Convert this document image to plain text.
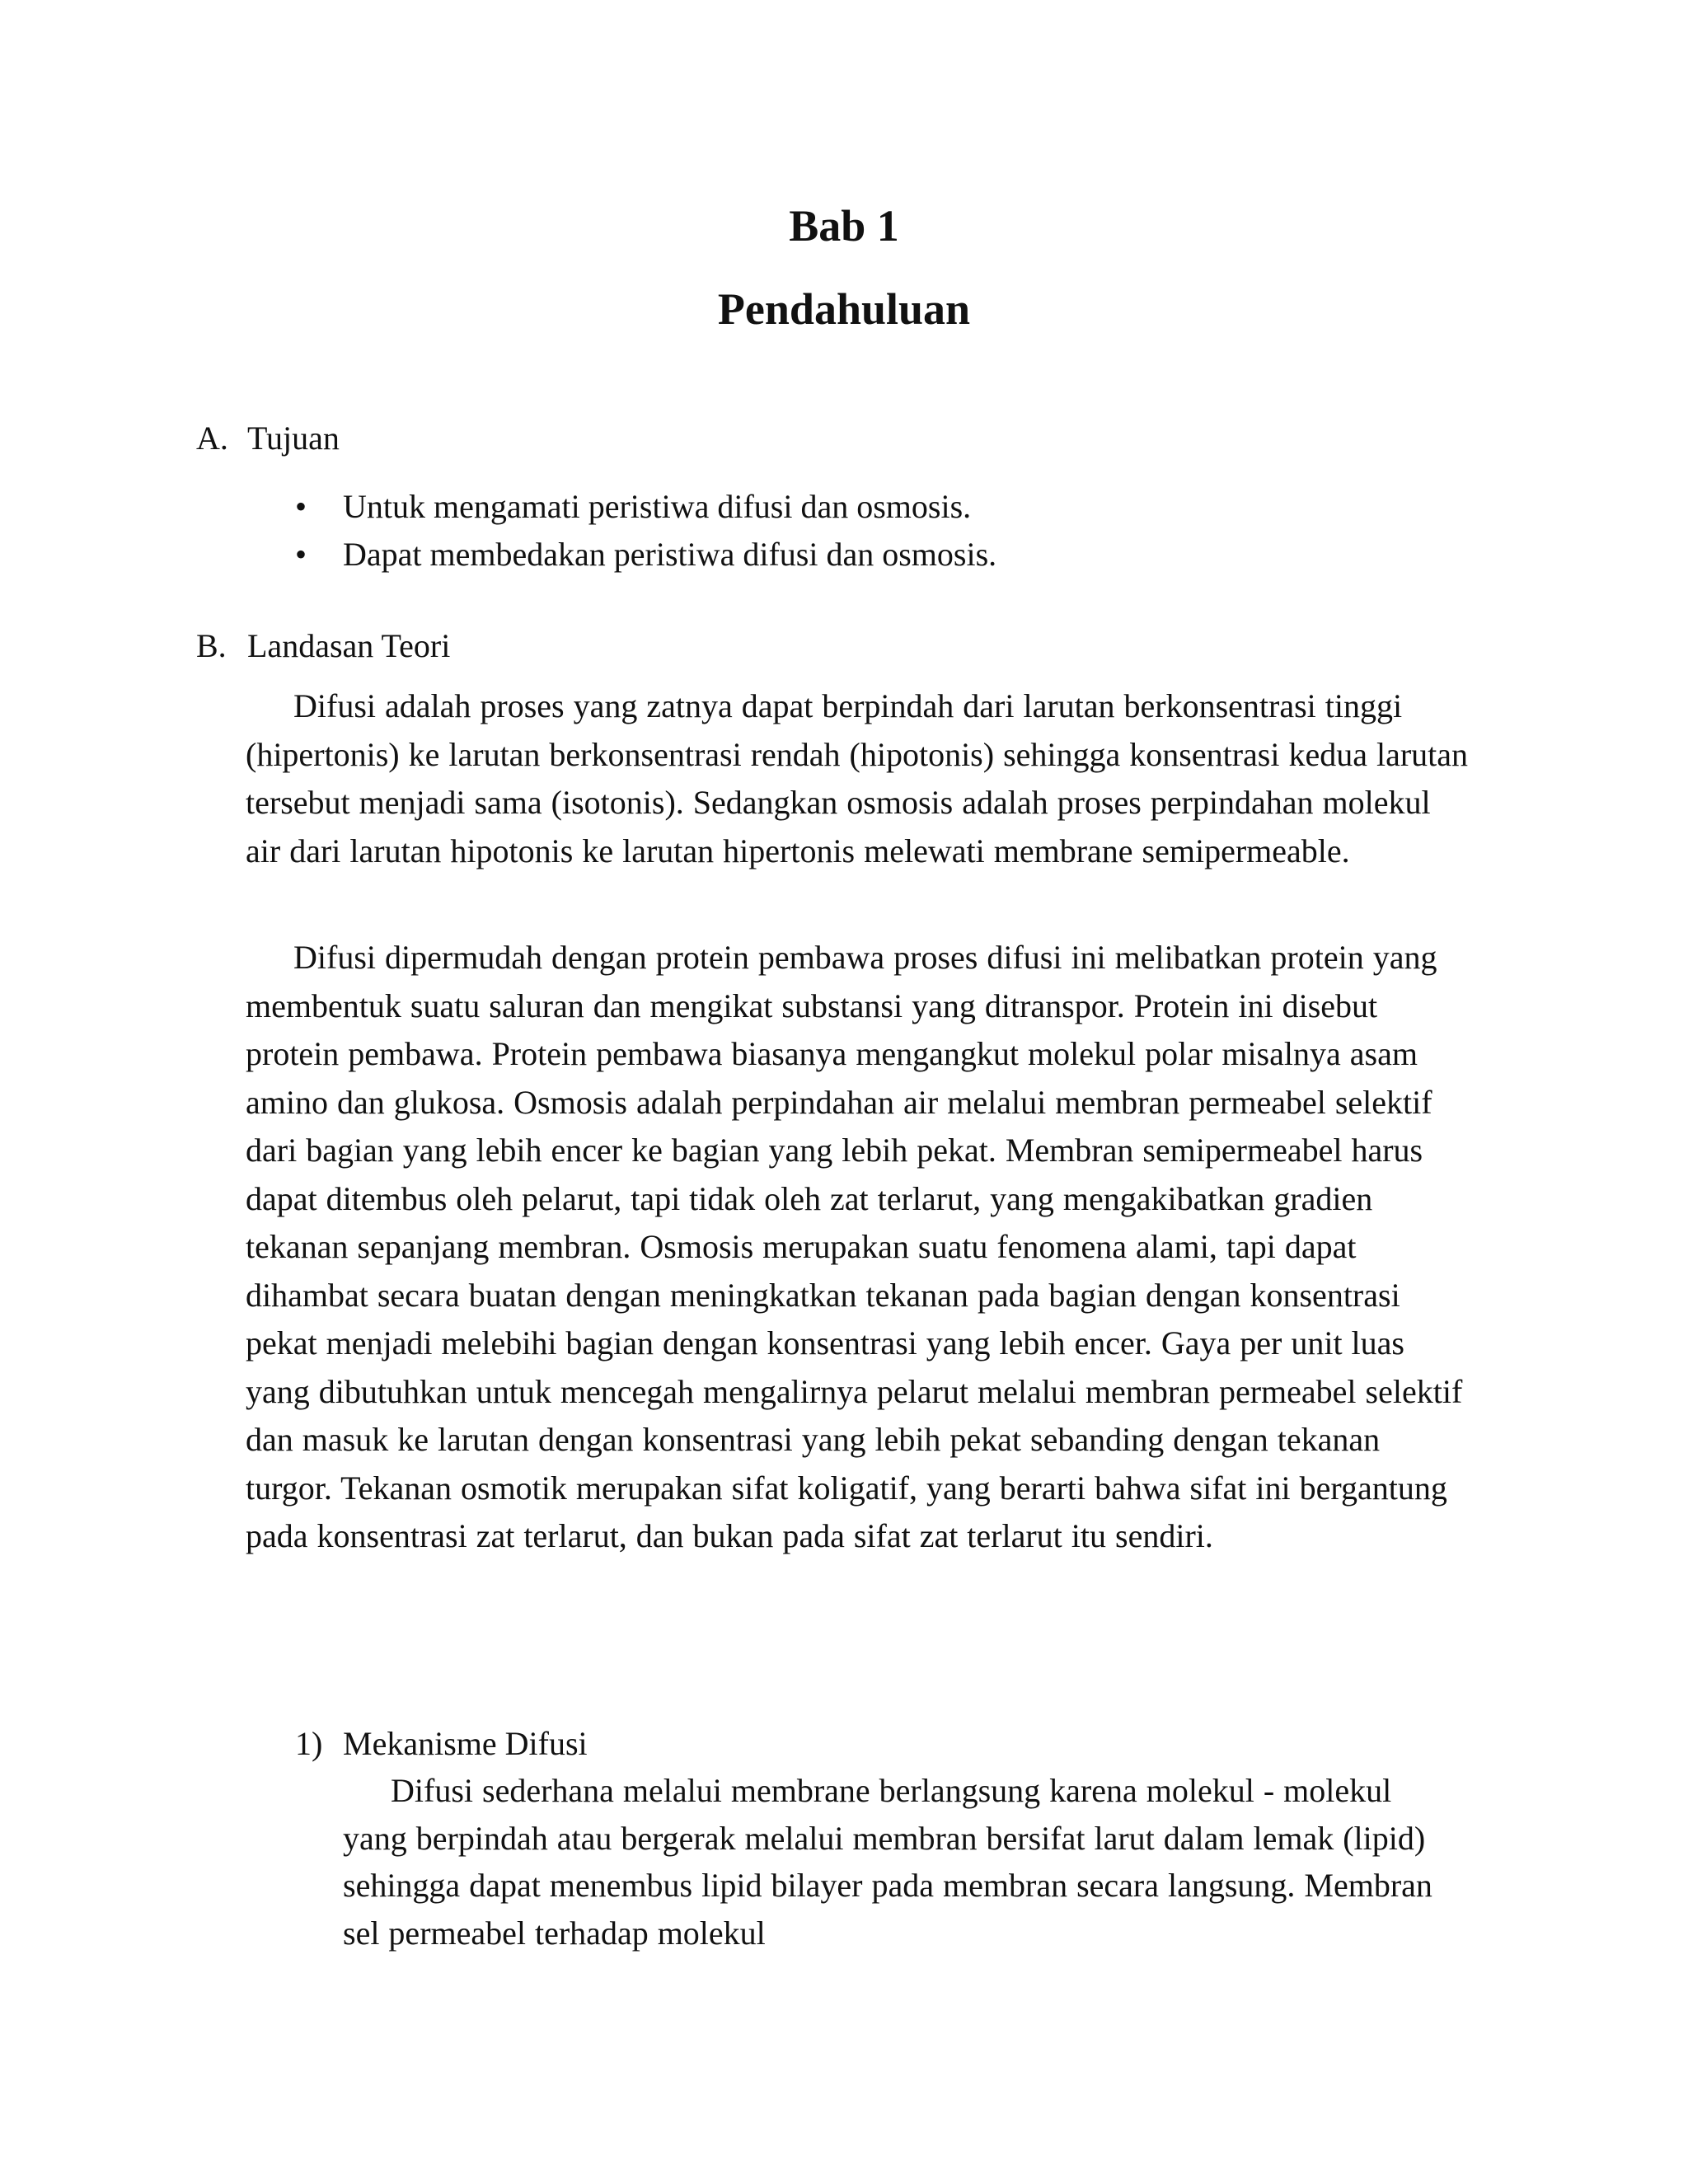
Bab 1
Pendahuluan
A. Tujuan
• Untuk mengamati peristiwa difusi dan osmosis.
• Dapat membedakan peristiwa difusi dan osmosis.
B. Landasan Teori

Difusi adalah proses yang zatnya dapat berpindah dari larutan berkonsentrasi tinggi (hipertonis) ke larutan berkonsentrasi rendah (hipotonis) sehingga konsentrasi kedua larutan tersebut menjadi sama (isotonis). Sedangkan osmosis adalah proses perpindahan molekul air dari larutan hipotonis ke larutan hipertonis melewati membrane semipermeable.

Difusi dipermudah dengan protein pembawa proses difusi ini melibatkan protein yang membentuk suatu saluran dan mengikat substansi yang ditranspor. Protein ini disebut protein pembawa. Protein pembawa biasanya mengangkut molekul polar misalnya asam amino dan glukosa. Osmosis adalah perpindahan air melalui membran permeabel selektif dari bagian yang lebih encer ke bagian yang lebih pekat. Membran semipermeabel harus dapat ditembus oleh pelarut, tapi tidak oleh zat terlarut, yang mengakibatkan gradien tekanan sepanjang membran. Osmosis merupakan suatu fenomena alami, tapi dapat dihambat secara buatan dengan meningkatkan tekanan pada bagian dengan konsentrasi pekat menjadi melebihi bagian dengan konsentrasi yang lebih encer. Gaya per unit luas yang dibutuhkan untuk mencegah mengalirnya pelarut melalui membran permeabel selektif dan masuk ke larutan dengan konsentrasi yang lebih pekat sebanding dengan tekanan turgor. Tekanan osmotik merupakan sifat koligatif, yang berarti bahwa sifat ini bergantung pada konsentrasi zat terlarut, dan bukan pada sifat zat terlarut itu sendiri.

1) Mekanisme Difusi

Difusi sederhana melalui membrane berlangsung karena molekul - molekul yang berpindah atau bergerak melalui membran bersifat larut dalam lemak (lipid) sehingga dapat menembus lipid bilayer pada membran secara langsung. Membran sel permeabel terhadap molekul
